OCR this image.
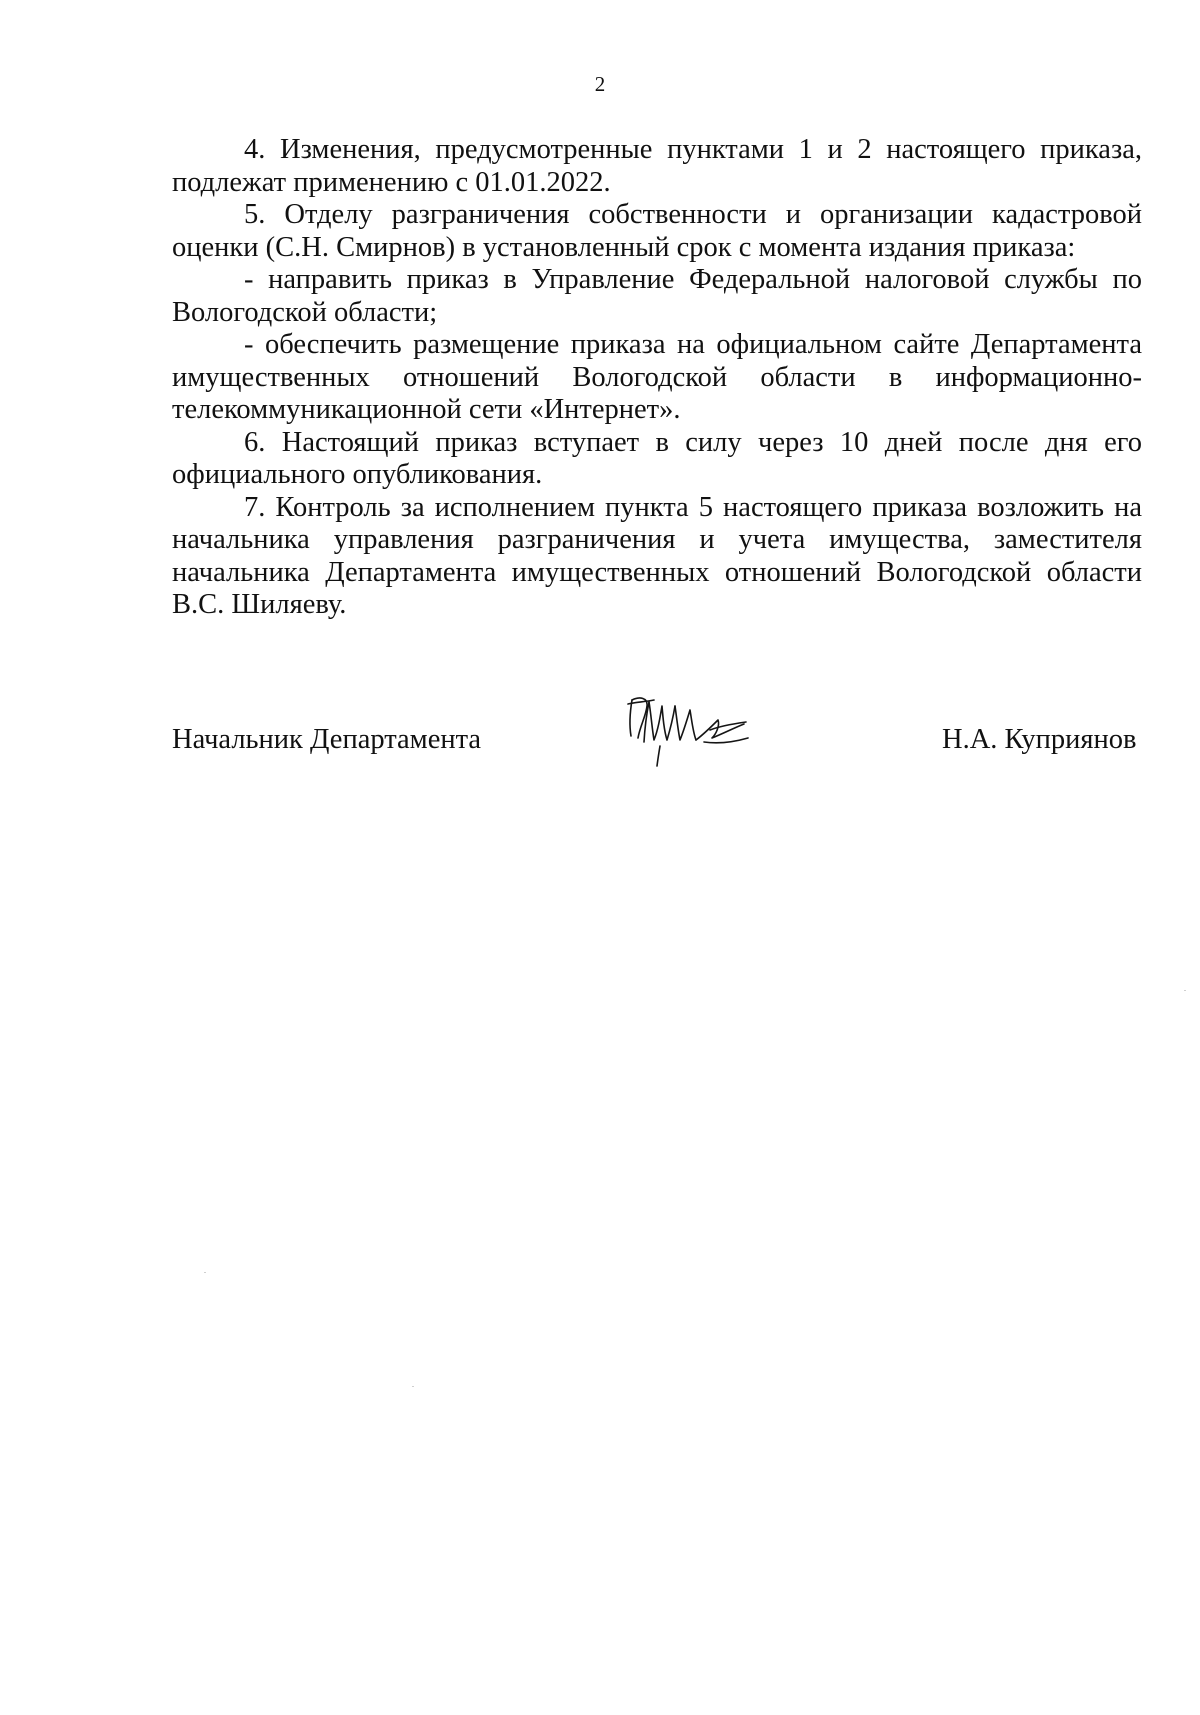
2

4. Изменения, предусмотренные пунктами 1 и 2 настоящего приказа, подлежат применению с 01.01.2022.

5. Отделу разграничения собственности и организации кадастровой оценки (С.Н. Смирнов) в установленный срок с момента издания приказа:

- направить приказ в Управление Федеральной налоговой службы по Вологодской области;

- обеспечить размещение приказа на официальном сайте Департамента имущественных отношений Вологодской области в информационно-телекоммуникационной сети «Интернет».

6. Настоящий приказ вступает в силу через 10 дней после дня его официального опубликования.

7. Контроль за исполнением пункта 5 настоящего приказа возложить на начальника управления разграничения и учета имущества, заместителя начальника Департамента имущественных отношений Вологодской области В.С. Шиляеву.

Начальник Департамента	Н.А. Куприянов
